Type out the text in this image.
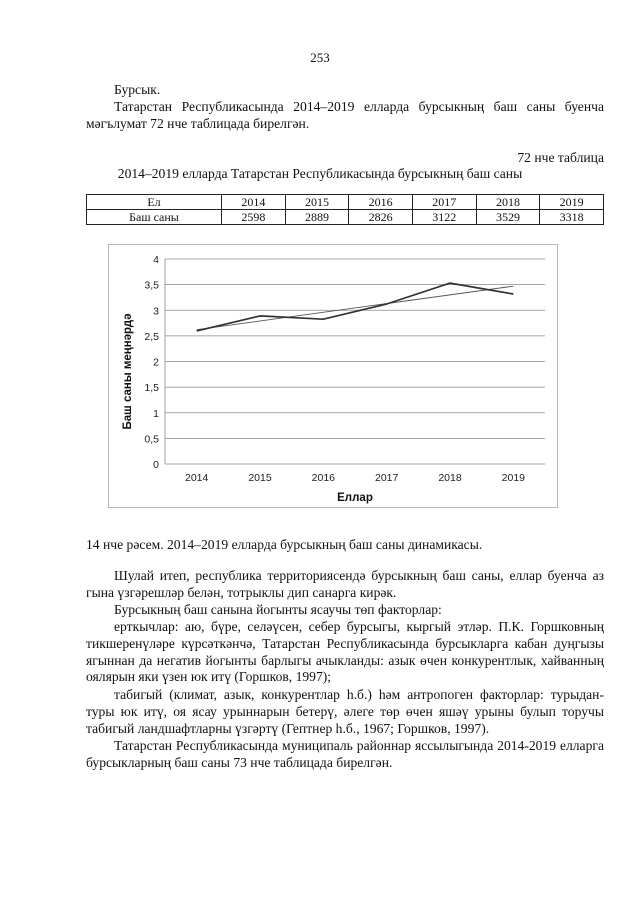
253
Бурсык.
Татарстан Республикасында 2014–2019 елларда бурсыкның баш саны буенча мәгълумат 72 нче таблицада бирелгән.
72 нче таблица
2014–2019 елларда Татарстан Республикасында бурсыкның баш саны
Ел	2014	2015	2016	2017	2018	2019
Баш саны	2598	2889	2826	3122	3529	3318
0
0,5
1
1,5
2
2,5
3
3,5
4
2014	2015	2016	2017	2018	2019
Еллар
Баш саны меңнәрдә
14 нче рәсем. 2014–2019 елларда бурсыкның баш саны динамикасы.
Шулай итеп, республика территориясендә бурсыкның баш саны, еллар буенча аз гына үзгәрешләр белән, тотрыклы дип санарга кирәк.
Бурсыкның баш санына йогынты ясаучы төп факторлар:
ерткычлар: аю, бүре, селәүсен, себер бурсыгы, кыргый этләр. П.К. Горшковның тикшеренүләре күрсәткәнчә, Татарстан Республикасында бурсыкларга кабан дуңгызы ягыннан да негатив йогынты барлыгы ачыкланды: азык өчен конкурентлык, хайванның оялярын яки үзен юк итү (Горшков, 1997);
табигый (климат, азык, конкурентлар һ.б.) һәм антропоген факторлар: турыдан-туры юк итү, оя ясау урыннарын бетерү, әлеге төр өчен яшәү урыны булып торучы табигый ландшафтларны үзгәртү (Гептнер һ.б., 1967; Горшков, 1997).
Татарстан Республикасында муниципаль районнар яссылыгында 2014-2019 елларга бурсыкларның баш саны 73 нче таблицада бирелгән.
